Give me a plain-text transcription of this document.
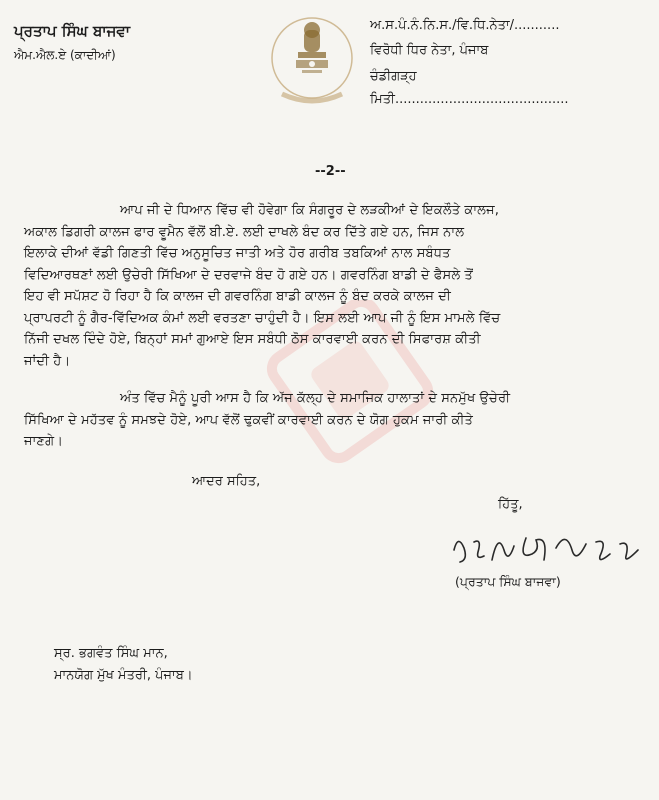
ਪ੍ਰਤਾਪ ਸਿੰਘ ਬਾਜਵਾ
ਐਮ.ਐਲ.ਏ (ਕਾਦੀਆਂ)
ਅ.ਸ.ਪੰ.ਨੰ.ਨਿ.ਸ./ਵਿ.ਧਿ.ਨੇਤਾ/...........
ਵਿਰੋਧੀ ਧਿਰ ਨੇਤਾ, ਪੰਜਾਬ
ਚੰਡੀਗੜ੍ਹ
ਮਿਤੀ..........................................
--2--
ਆਪ ਜੀ ਦੇ ਧਿਆਨ ਵਿੱਚ ਵੀ ਹੋਵੇਗਾ ਕਿ ਸੰਗਰੂਰ ਦੇ ਲੜਕੀਆਂ ਦੇ ਇਕਲੌਤੇ ਕਾਲਜ,
ਅਕਾਲ ਡਿਗਰੀ ਕਾਲਜ ਫਾਰ ਵੂਮੈਨ ਵੱਲੋਂ ਬੀ.ਏ. ਲਈ ਦਾਖਲੇ ਬੰਦ ਕਰ ਦਿੱਤੇ ਗਏ ਹਨ, ਜਿਸ ਨਾਲ
ਇਲਾਕੇ ਦੀਆਂ ਵੱਡੀ ਗਿਣਤੀ ਵਿੱਚ ਅਨੁਸੂਚਿਤ ਜਾਤੀ ਅਤੇ ਹੋਰ ਗਰੀਬ ਤਬਕਿਆਂ ਨਾਲ ਸਬੰਧਤ
ਵਿਦਿਆਰਥਣਾਂ ਲਈ ਉਚੇਰੀ ਸਿੱਖਿਆ ਦੇ ਦਰਵਾਜੇ ਬੰਦ ਹੋ ਗਏ ਹਨ। ਗਵਰਨਿੰਗ ਬਾਡੀ ਦੇ ਫੈਸਲੇ ਤੋਂ
ਇਹ ਵੀ ਸਪੱਸ਼ਟ ਹੋ ਰਿਹਾ ਹੈ ਕਿ ਕਾਲਜ ਦੀ ਗਵਰਨਿੰਗ ਬਾਡੀ ਕਾਲਜ ਨੂੰ ਬੰਦ ਕਰਕੇ ਕਾਲਜ ਦੀ
ਪ੍ਰਾਪਰਟੀ ਨੂੰ ਗੈਰ-ਵਿੱਦਿਅਕ ਕੰਮਾਂ ਲਈ ਵਰਤਣਾ ਚਾਹੁੰਦੀ ਹੈ। ਇਸ ਲਈ ਆਪ ਜੀ ਨੂੰ ਇਸ ਮਾਮਲੇ ਵਿੱਚ
ਨਿੱਜੀ ਦਖਲ ਦਿੰਦੇ ਹੋਏ, ਬਿਨ੍ਹਾਂ ਸਮਾਂ ਗੁਆਏ ਇਸ ਸਬੰਧੀ ਠੋਸ ਕਾਰਵਾਈ ਕਰਨ ਦੀ ਸਿਫਾਰਸ਼ ਕੀਤੀ
ਜਾਂਦੀ ਹੈ।
ਅੰਤ ਵਿੱਚ ਮੈਨੂੰ ਪੂਰੀ ਆਸ ਹੈ ਕਿ ਅੱਜ ਕੱਲ੍ਹ ਦੇ ਸਮਾਜਿਕ ਹਾਲਾਤਾਂ ਦੇ ਸਨਮੁੱਖ ਉਚੇਰੀ
ਸਿੱਖਿਆ ਦੇ ਮਹੱਤਵ ਨੂੰ ਸਮਝਦੇ ਹੋਏ, ਆਪ ਵੱਲੋਂ ਢੁਕਵੀਂ ਕਾਰਵਾਈ ਕਰਨ ਦੇ ਯੋਗ ਹੁਕਮ ਜਾਰੀ ਕੀਤੇ
ਜਾਣਗੇ।
ਆਦਰ ਸਹਿਤ,
ਹਿੱਤੂ,
(ਪ੍ਰਤਾਪ ਸਿੰਘ ਬਾਜਵਾ)
ਸ੍ਰ. ਭਗਵੰਤ ਸਿੰਘ ਮਾਨ,
ਮਾਨਯੋਗ ਮੁੱਖ ਮੰਤਰੀ, ਪੰਜਾਬ।
